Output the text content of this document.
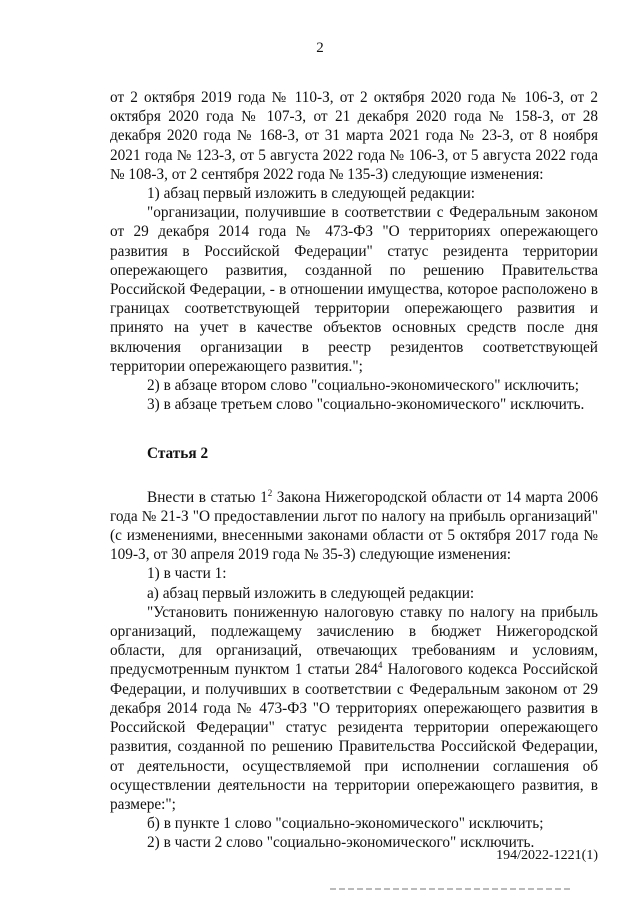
2

от 2 октября 2019 года № 110-З, от 2 октября 2020 года № 106-З, от 2 октября 2020 года № 107-З, от 21 декабря 2020 года № 158-З, от 28 декабря 2020 года № 168-З, от 31 марта 2021 года № 23-З, от 8 ноября 2021 года № 123-З, от 5 августа 2022 года № 106-З, от 5 августа 2022 года № 108-З, от 2 сентября 2022 года № 135-З) следующие изменения:

1) абзац первый изложить в следующей редакции:

"организации, получившие в соответствии с Федеральным законом от 29 декабря 2014 года № 473-ФЗ "О территориях опережающего развития в Российской Федерации" статус резидента территории опережающего развития, созданной по решению Правительства Российской Федерации, - в отношении имущества, которое расположено в границах соответствующей территории опережающего развития и принято на учет в качестве объектов основных средств после дня включения организации в реестр резидентов соответствующей территории опережающего развития.";

2) в абзаце втором слово "социально-экономического" исключить;

3) в абзаце третьем слово "социально-экономического" исключить.

Статья 2

Внести в статью $1^2$ Закона Нижегородской области от 14 марта 2006 года № 21-З "О предоставлении льгот по налогу на прибыль организаций" (с изменениями, внесенными законами области от 5 октября 2017 года № 109-З, от 30 апреля 2019 года № 35-З) следующие изменения:

1) в части 1:

а) абзац первый изложить в следующей редакции:

"Установить пониженную налоговую ставку по налогу на прибыль организаций, подлежащему зачислению в бюджет Нижегородской области, для организаций, отвечающих требованиям и условиям, предусмотренным пунктом 1 статьи $284^4$ Налогового кодекса Российской Федерации, и получивших в соответствии с Федеральным законом от 29 декабря 2014 года № 473-ФЗ "О территориях опережающего развития в Российской Федерации" статус резидента территории опережающего развития, созданной по решению Правительства Российской Федерации, от деятельности, осуществляемой при исполнении соглашения об осуществлении деятельности на территории опережающего развития, в размере:";

б) в пункте 1 слово "социально-экономического" исключить;

2) в части 2 слово "социально-экономического" исключить.

194/2022-1221(1)
